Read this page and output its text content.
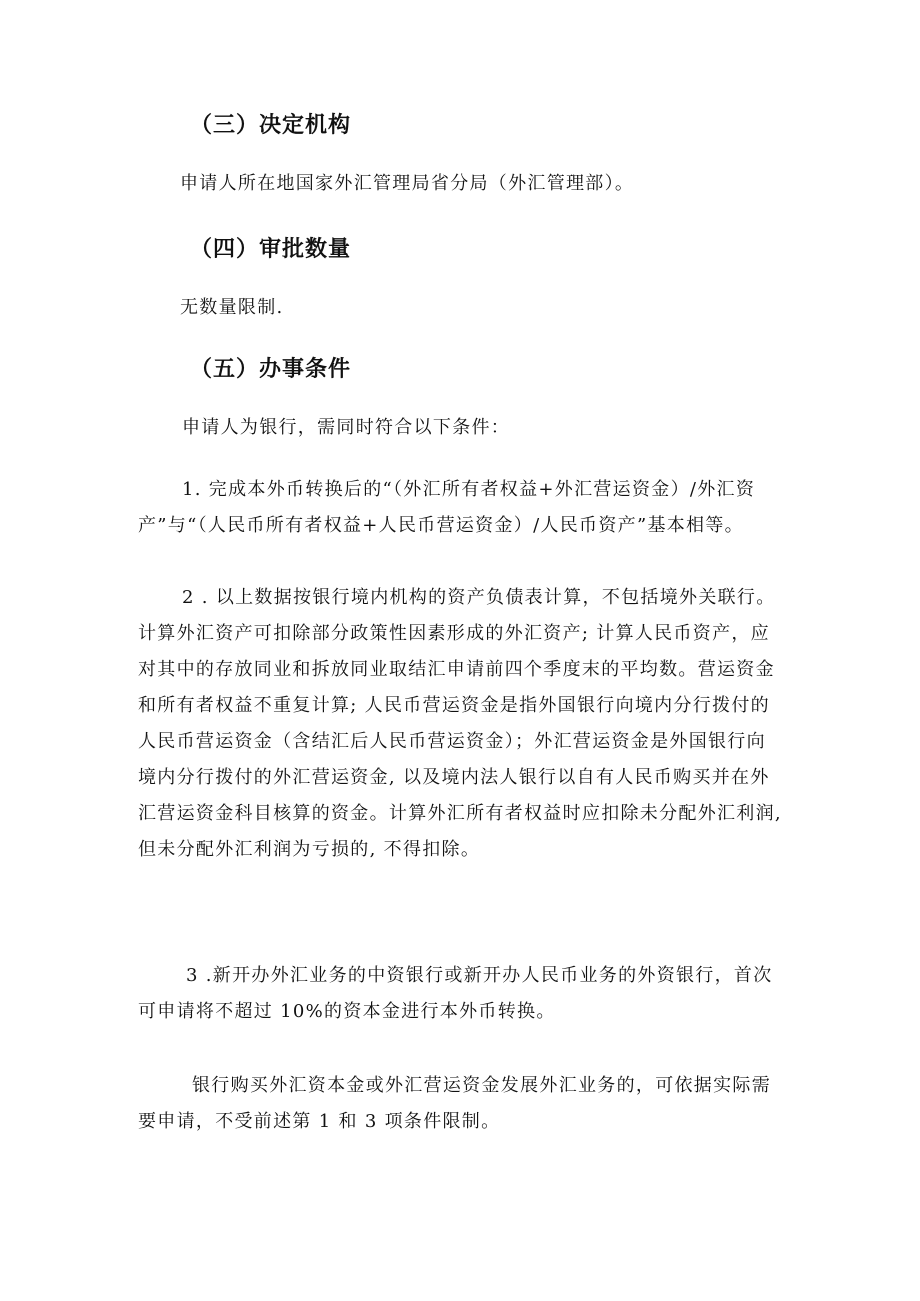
（三）决定机构
申请人所在地国家外汇管理局省分局（外汇管理部）。
（四）审批数量
无数量限制.
（五）办事条件
申请人为银行，需同时符合以下条件：
1. 完成本外币转换后的“（外汇所有者权益+外汇营运资金）/外汇资
产”与“（人民币所有者权益+人民币营运资金）/人民币资产”基本相等。
2 . 以上数据按银行境内机构的资产负债表计算，不包括境外关联行。
计算外汇资产可扣除部分政策性因素形成的外汇资产; 计算人民币资产，应
对其中的存放同业和拆放同业取结汇申请前四个季度末的平均数。营运资金
和所有者权益不重复计算; 人民币营运资金是指外国银行向境内分行拨付的
人民币营运资金（含结汇后人民币营运资金）；外汇营运资金是外国银行向
境内分行拨付的外汇营运资金, 以及境内法人银行以自有人民币购买并在外
汇营运资金科目核算的资金。计算外汇所有者权益时应扣除未分配外汇利润,
但未分配外汇利润为亏损的, 不得扣除。
3 .新开办外汇业务的中资银行或新开办人民币业务的外资银行，首次
可申请将不超过 10%的资本金进行本外币转换。
银行购买外汇资本金或外汇营运资金发展外汇业务的，可依据实际需
要申请，不受前述第 1 和 3 项条件限制。
